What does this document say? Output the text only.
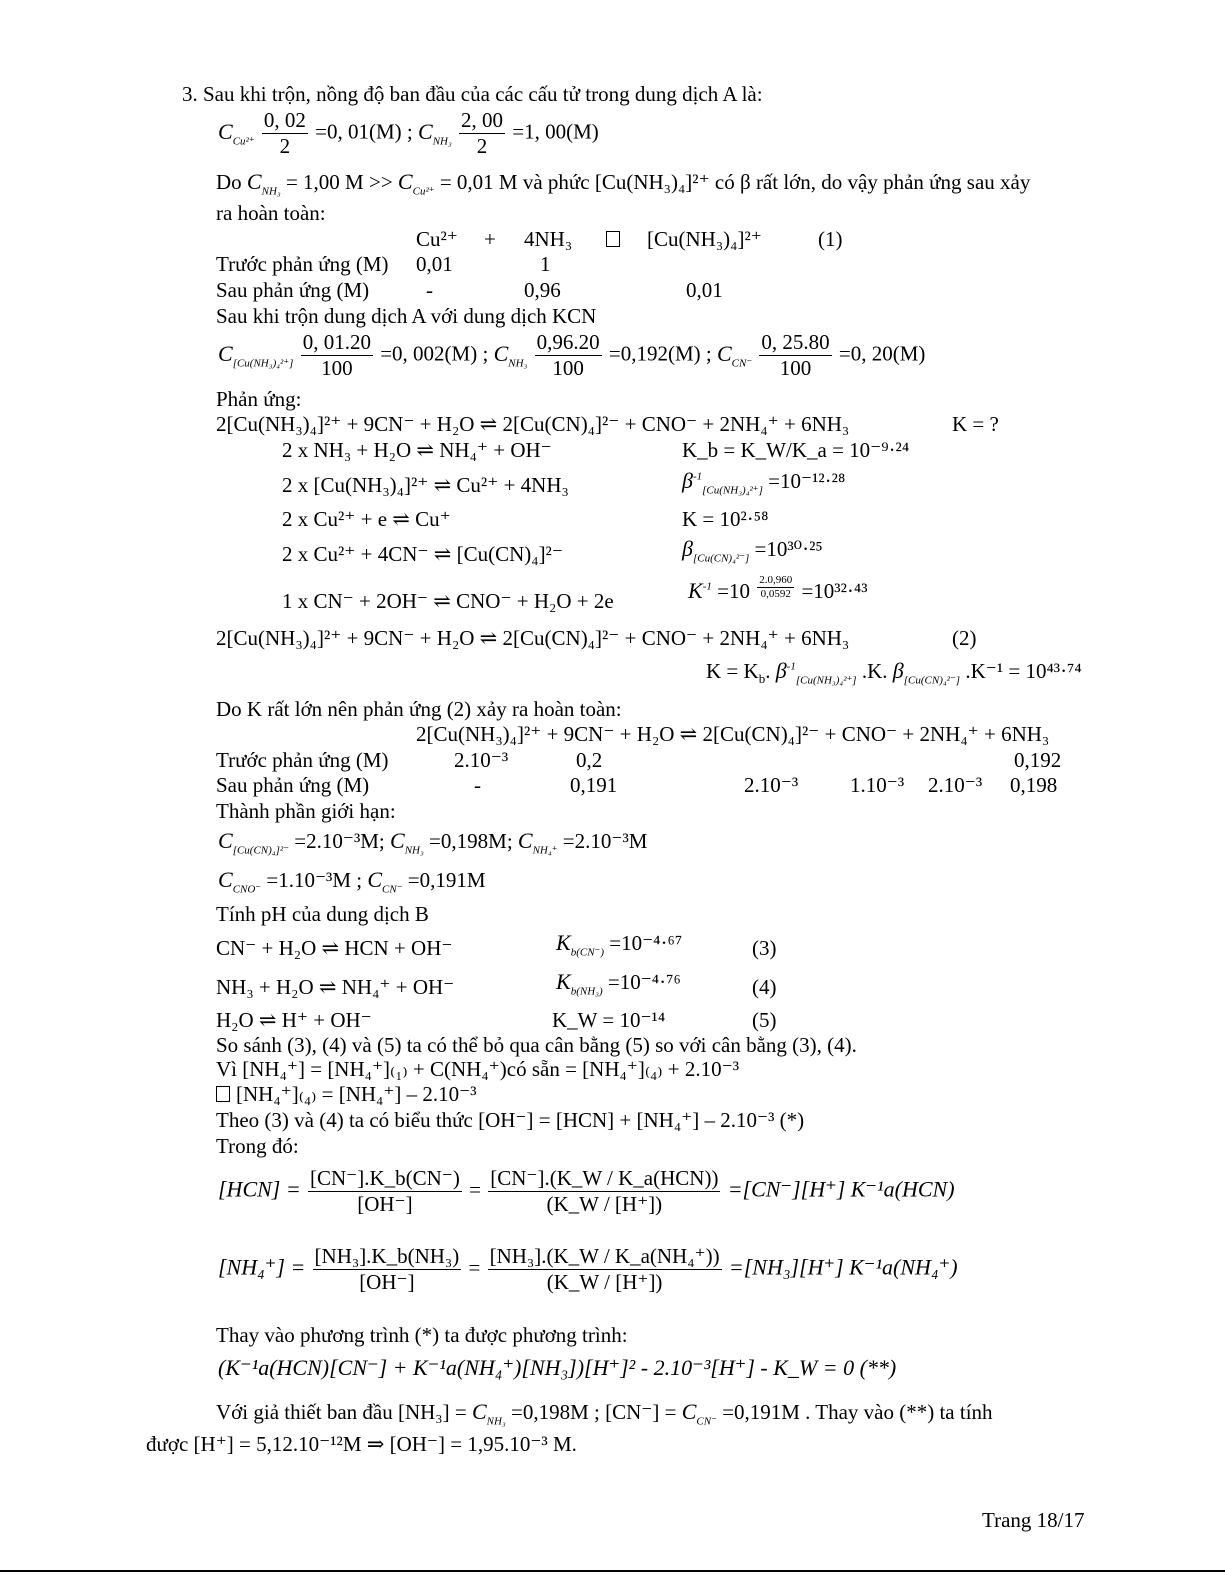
3. Sau khi trộn, nồng độ ban đầu của các cấu tử trong dung dịch A là:
$C_{Cu^{2+}} \frac{0, 02}{2} =0$, 01(M) ; $C_{NH_3} \frac{2, 00}{2} =1$, 00(M)
Do $C_{NH_3} = 1,00$ $M >> C_{Cu^{2+}} = 0,01$ M và phức [Cu(NH₃)₄]²⁺ có β rất lớn, do vậy phản ứng sau xảy
ra hoàn toàn:
Cu²⁺ + 4NH₃	[Cu(NH₃)₄]²⁺	(1)
Trước phản ứng (M) 0,01	1
Sau phản ứng (M)	-	0,96	0,01
Sau khi trộn dung dịch A với dung dịch KCN
$C_{[Cu(NH_3)_4^{2+}]} \frac{0, 01.20}{100} =0$, 002(M) ; $C_{NH_3} \frac{0,96.20}{100} =0,192(M)$ ; $C_{CN^-} \frac{0, 25.80}{100} =0$, 20(M)
Phản ứng:
2[Cu(NH₃)₄]²⁺ + 9CN⁻ + H₂O ⇌ 2[Cu(CN)₄]²⁻ + CNO⁻ + 2NH₄⁺ + 6NH₃	K = ?
2 x NH₃ + H₂O ⇌ NH₄⁺ + OH⁻	K_b = K_W/K_a = 10⁻⁹·²⁴
2 x [Cu(NH₃)₄]²⁺ ⇌ Cu²⁺ + 4NH₃	$\beta^{-1}_{[Cu(NH_3)_4^{2+}]} =10^{-12}\cdot^{28}$
2 x Cu²⁺ + e ⇌ Cu⁺	K = 10²·⁵⁸
2 x Cu²⁺ + 4CN⁻ ⇌ [Cu(CN)₄]²⁻	$\beta_{[Cu(CN)_4^{2-}]} =10^{30}\cdot^{25}$
1 x CN⁻ + 2OH⁻ ⇌ CNO⁻ + H₂O + 2e	$K^{-1} =10 \frac{2.0,960}{0,0592} =10^{32}\cdot^{43}$
2[Cu(NH₃)₄]²⁺ + 9CN⁻ + H₂O ⇌ 2[Cu(CN)₄]²⁻ + CNO⁻ + 2NH₄⁺ + 6NH₃	(2)
$K = K_b$. $\beta^{-1}_{[Cu(NH_3)_4^{2+}]}$ .K. $\beta_{[Cu(CN)_4^{2-}]}$ .K⁻¹ = 10⁴³·⁷⁴
Do K rất lớn nên phản ứng (2) xảy ra hoàn toàn:
2[Cu(NH₃)₄]²⁺ + 9CN⁻ + H₂O ⇌ 2[Cu(CN)₄]²⁻ + CNO⁻ + 2NH₄⁺ + 6NH₃
Trước phản ứng (M)	2.10⁻³	0,2	0,192
Sau phản ứng (M)	-	0,191	2.10⁻³ 1.10⁻³ 2.10⁻³ 0,198
Thành phần giới hạn:
$C_{[Cu(CN)_4]^{2-}} =2.10^{-3}M$; $C_{NH_3} =0,198M$; $C_{NH_4^+} =2.10^{-3}M$
$C_{CNO^-} =1.10^{-3}M$ ; $C_{CN^-} =0,191M$
Tính pH của dung dịch B
CN⁻ + H₂O ⇌ HCN + OH⁻	$K_{b(CN^-)} =10^{-4}\cdot^{67}$	(3)
NH₃ + H₂O ⇌ NH₄⁺ + OH⁻	$K_{b(NH_3)} =10^{-4}\cdot^{76}$	(4)
H₂O ⇌ H⁺ + OH⁻	K_W = 10⁻¹⁴	(5)
So sánh (3), (4) và (5) ta có thể bỏ qua cân bằng (5) so với cân bằng (3), (4).
Vì [NH₄⁺] = [NH₄⁺]₍₁₎ + C(NH₄⁺)có sẵn = [NH₄⁺]₍₄₎ + 2.10⁻³
[NH₄⁺]₍₄₎ = [NH₄⁺] – 2.10⁻³
Theo (3) và (4) ta có biểu thức [OH⁻] = [HCN] + [NH₄⁺] – 2.10⁻³ (*)
Trong đó:
$[HCN] = \frac{[CN^-].K\_b(CN^-)}{[OH^-]} = \frac{\text{[CN⁻].(K\_W / K\_a(HCN))}}{(K\_W / [H^+])} =[CN^-][H^+]$ K⁻¹a(HCN)
$[NH_4^+] = \frac{\text{[NH₃].K\_b(NH₃)}}{[OH^-]} = \frac{\text{[NH₃].(K\_W / K\_a(NH₄⁺))}}{(K\_W / [H^+])} =[NH_3][H^+]$ K⁻¹a(NH₄⁺)
Thay vào phương trình (*) ta được phương trình:
(K⁻¹a(HCN)[CN⁻] + K⁻¹a(NH₄⁺)[NH₃])[H⁺]² - 2.10⁻³[H⁺] - K_W = 0 (**)
Với giả thiết ban đầu $[NH_3] = C_{NH_3} =0,198M$ ; $[CN^-] = C_{CN^-} =0,191M$ . Thay vào (**) ta tính
được [H⁺] = 5,12.10⁻¹²M ⇒ [OH⁻] = 1,95.10⁻³ M.
Trang 18/17
